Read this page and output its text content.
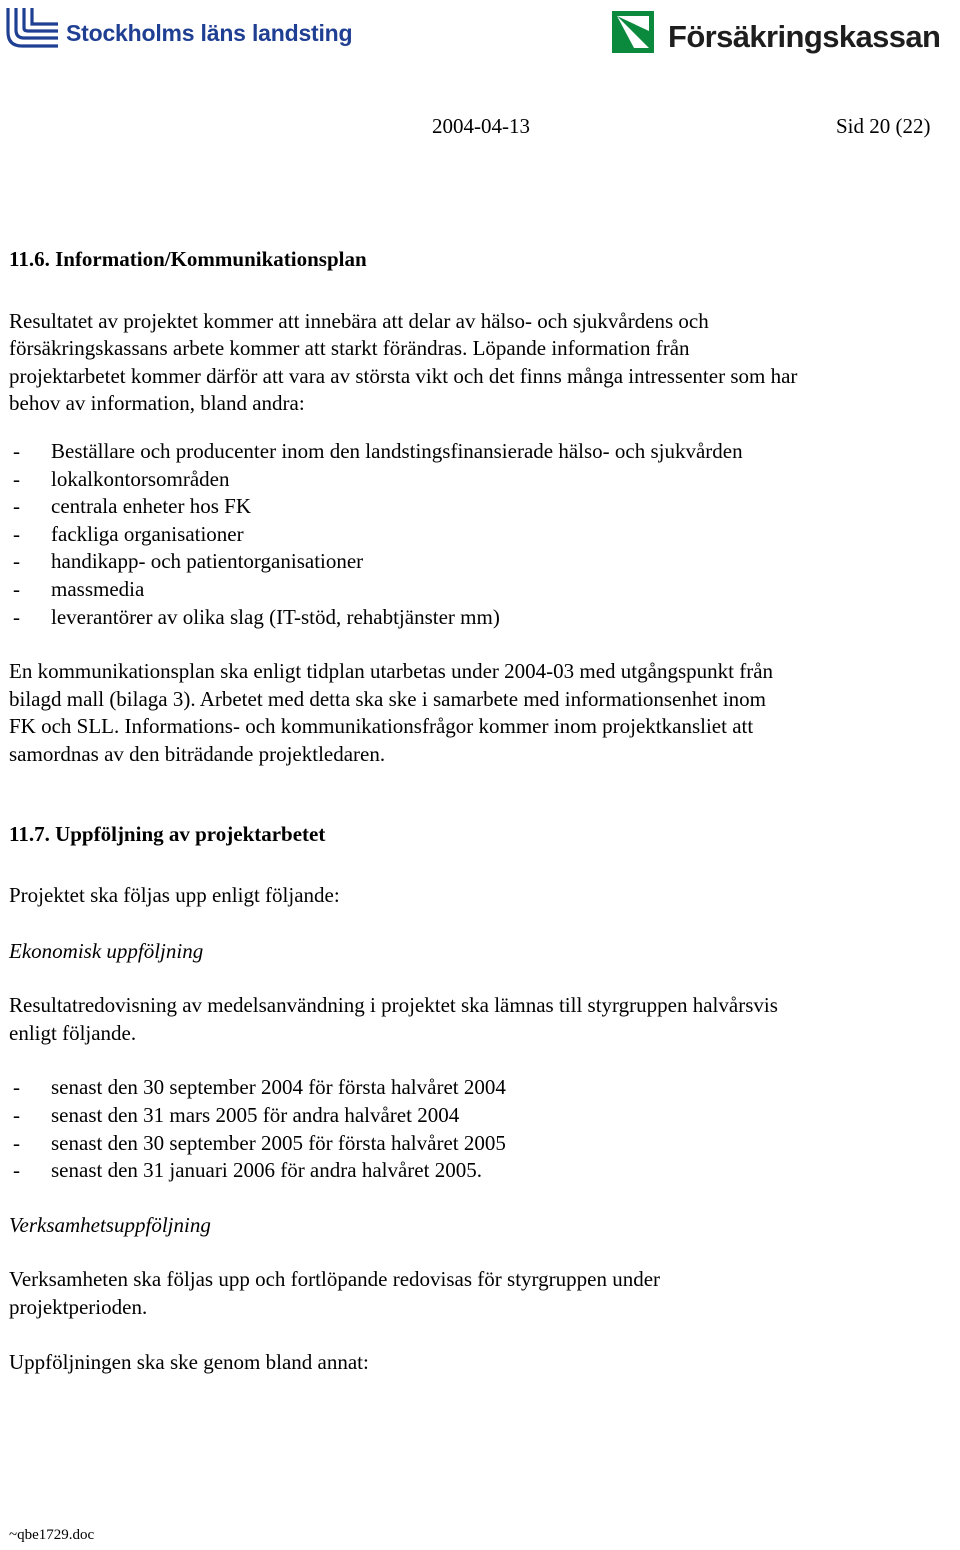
Stockholms läns landsting	Försäkringskassan
2004-04-13	Sid 20 (22)

11.6. Information/Kommunikationsplan

Resultatet av projektet kommer att innebära att delar av hälso- och sjukvårdens och försäkringskassans arbete kommer att starkt förändras. Löpande information från projektarbetet kommer därför att vara av största vikt och det finns många intressenter som har behov av information, bland andra:

-	Beställare och producenter inom den landstingsfinansierade hälso- och sjukvården
-	lokalkontorsområden
-	centrala enheter hos FK
-	fackliga organisationer
-	handikapp- och patientorganisationer
-	massmedia
-	leverantörer av olika slag (IT-stöd, rehabtjänster mm)

En kommunikationsplan ska enligt tidplan utarbetas under 2004-03 med utgångspunkt från bilagd mall (bilaga 3). Arbetet med detta ska ske i samarbete med informationsenhet inom FK och SLL. Informations- och kommunikationsfrågor kommer inom projektkansliet att samordnas av den biträdande projektledaren.

11.7. Uppföljning av projektarbetet

Projektet ska följas upp enligt följande:

Ekonomisk uppföljning

Resultatredovisning av medelsanvändning i projektet ska lämnas till styrgruppen halvårsvis enligt följande.

-	senast den 30 september 2004 för första halvåret 2004
-	senast den 31 mars 2005 för andra halvåret 2004
-	senast den 30 september 2005 för första halvåret 2005
-	senast den 31 januari 2006 för andra halvåret 2005.

Verksamhetsuppföljning

Verksamheten ska följas upp och fortlöpande redovisas för styrgruppen under projektperioden.

Uppföljningen ska ske genom bland annat:

~qbe1729.doc
